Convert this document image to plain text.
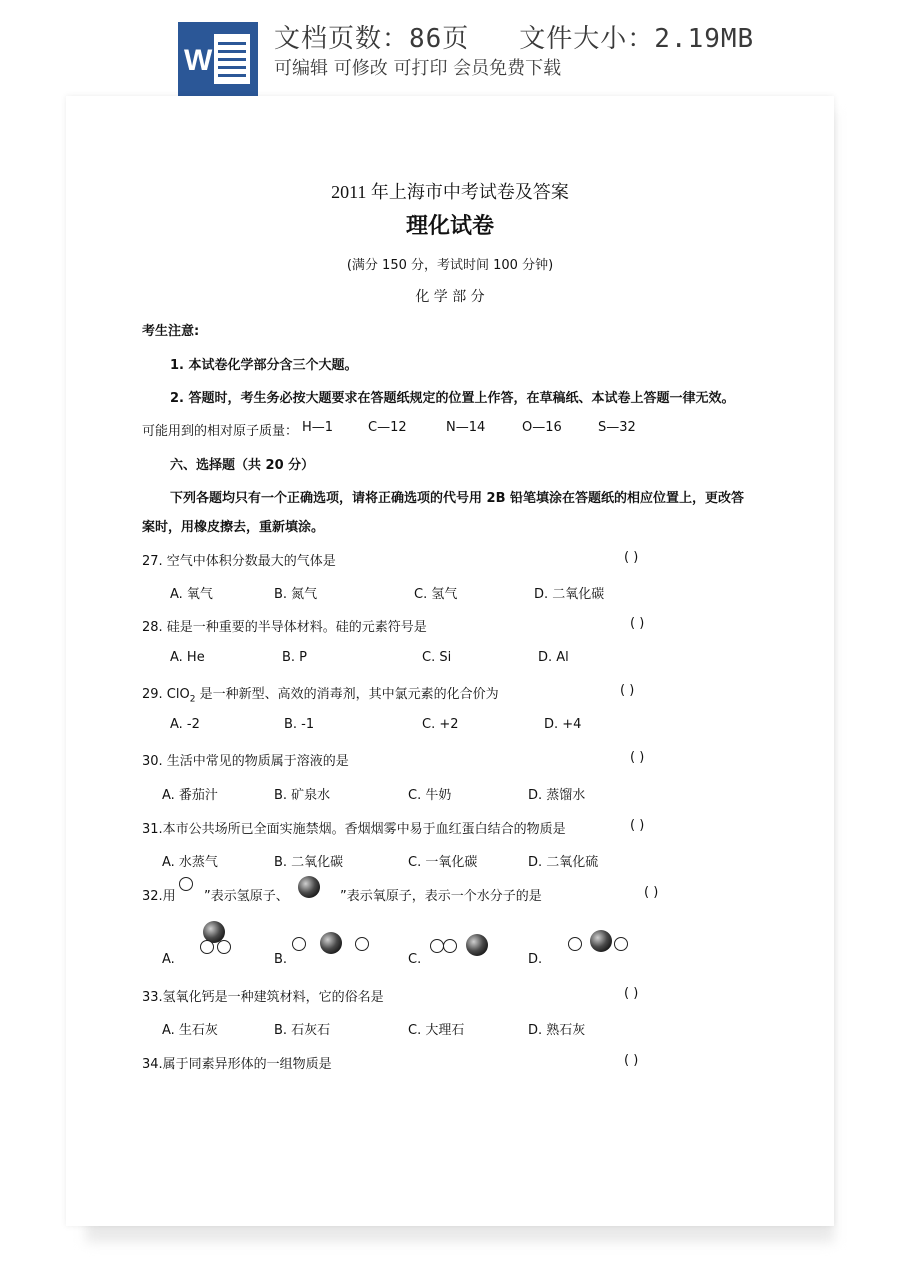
W
文档页数：86页   文件大小：2.19MB
可编辑 可修改 可打印 会员免费下载
2011 年上海市中考试卷及答案
理化试卷
(满分 150 分，考试时间 100 分钟)
化 学 部 分
考生注意:
1. 本试卷化学部分含三个大题。
2. 答题时，考生务必按大题要求在答题纸规定的位置上作答，在草稿纸、本试卷上答题一律无效。
可能用到的相对原子质量： H—1	C—12	N—14	O—16	S—32
六、选择题（共 20 分）
下列各题均只有一个正确选项，请将正确选项的代号用 2B 铅笔填涂在答题纸的相应位置上，更改答
案时，用橡皮擦去，重新填涂。
27. 空气中体积分数最大的气体是	( )
A. 氧气	B. 氮气	C. 氢气	D. 二氧化碳
28. 硅是一种重要的半导体材料。硅的元素符号是	( )
A. He	B. P	C. Si	D. Al
29. ClO$_2$ 是一种新型、高效的消毒剂，其中氯元素的化合价为	( )
A. -2	B. -1	C. +2	D. +4
30. 生活中常见的物质属于溶液的是	( )
A. 番茄汁	B. 矿泉水	C. 牛奶	D. 蒸馏水
31.本市公共场所已全面实施禁烟。香烟烟雾中易于血红蛋白结合的物质是	( )
A. 水蒸气	B. 二氧化碳	C. 一氧化碳	D. 二氧化硫
32.用 ”表示氢原子、	”表示氧原子，表示一个水分子的是	( )
A.	B.	C.	D.
33.氢氧化钙是一种建筑材料，它的俗名是	( )
A. 生石灰	B. 石灰石	C. 大理石	D. 熟石灰
34.属于同素异形体的一组物质是	( )
